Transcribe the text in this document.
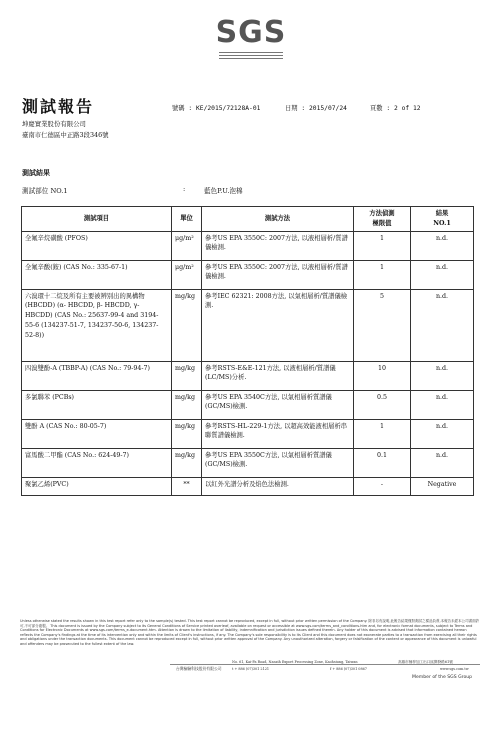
SGS
測試報告	號碼 : KE/2015/72128A-01	日期 : 2015/07/24	頁數 : 2 of 12
坤慶實業股份有限公司
臺南市仁德區中正路3段346號
測試結果
測試部位 NO.1	:	藍色P.U.泡棉
測試項目	單位	測試方法	方法偵測
極限值	結果
NO.1

全氟辛烷磺酸 (PFOS)	μg/m²	參考US EPA 3550C: 2007方法, 以液相層析/質譜儀檢測.	1	n.d.
全氟辛酸(銨) (CAS No.: 335-67-1)	μg/m²	參考US EPA 3550C: 2007方法, 以液相層析/質譜儀檢測.	1	n.d.
六溴環十二烷及所有主要被辨別出的異構物 (HBCDD) (α- HBCDD, β- HBCDD, γ- HBCDD) (CAS No.: 25637-99-4 and 3194-55-6 (134237-51-7, 134237-50-6, 134237-52-8))	mg/kg	參考IEC 62321: 2008方法, 以氣相層析/質譜儀檢測.	5	n.d.
四溴雙酚-A (TBBP-A) (CAS No.: 79-94-7)	mg/kg	參考RSTS-E&E-121方法, 以液相層析/質譜儀(LC/MS)分析.	10	n.d.
多氯聯苯 (PCBs)	mg/kg	參考US EPA 3540C方法, 以氣相層析質譜儀(GC/MS)檢測.	0.5	n.d.
雙酚 A (CAS No.: 80-05-7)	mg/kg	參考RSTS-HL-229-1方法, 以超高效能液相層析串聯質譜儀檢測.	1	n.d.
富馬酸二甲酯 (CAS No.: 624-49-7)	mg/kg	參考US EPA 3550C方法, 以氣相層析質譜儀(GC/MS)檢測.	0.1	n.d.
聚氯乙烯(PVC)	**	以紅外光譜分析及焰色法檢測.	-	Negative
Unless otherwise stated the results shown in this test report refer only to the sample(s) tested. This test report cannot be reproduced, except in full, without prior written permission of the Company. 除非另有說明,此報告結果僅對測試之樣品負責,本報告未經本公司書面許可,不可部分複製。 This document is issued by the Company subject to its General Conditions of Service printed overleaf, available on request or accessible at www.sgs.com/terms_and_conditions.htm and, for electronic format documents, subject to Terms and Conditions for Electronic Documents at www.sgs.com/terms_e-document.htm. Attention is drawn to the limitation of liability, indemnification and jurisdiction issues defined therein. Any holder of this document is advised that information contained hereon reflects the Company's findings at the time of its intervention only and within the limits of Client's instructions, if any. The Company's sole responsibility is to its Client and this document does not exonerate parties to a transaction from exercising all their rights and obligations under the transaction documents. This document cannot be reproduced except in full, without prior written approval of the Company. Any unauthorized alteration, forgery or falsification of the content or appearance of this document is unlawful and offenders may be prosecuted to the fullest extent of the law.
台灣檢驗科技股份有限公司
No. 61, Kai-Fa Road, Nanzih Export Processing Zone, Kaohsiung, Taiwan
t + 886 (07)301 2121	f + 886 (07)301 0867
高雄市楠梓加工出口區開發路61號
www.sgs.com.tw
Member of the SGS Group
